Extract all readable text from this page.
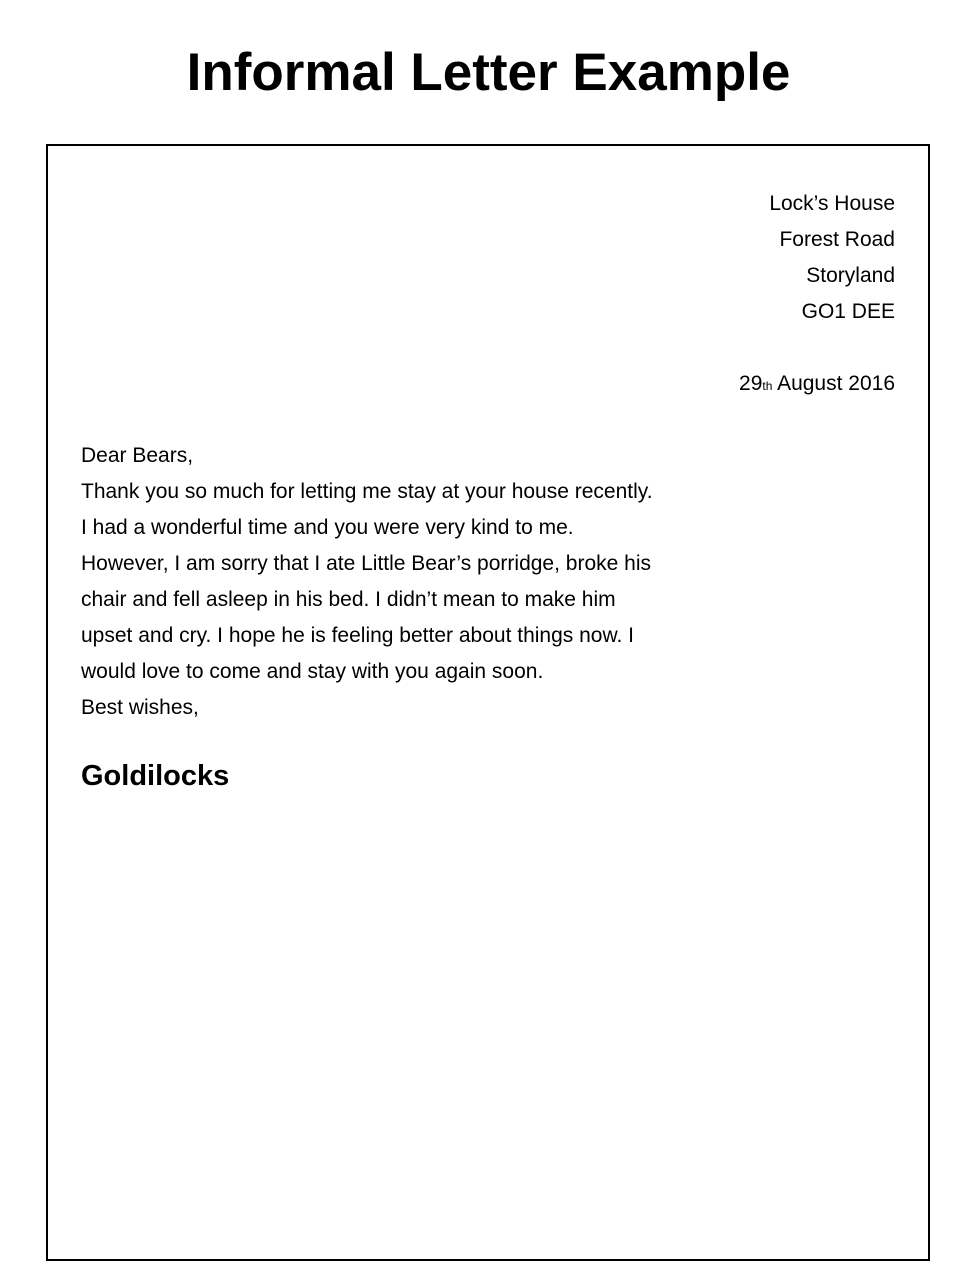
Informal Letter Example
Lock’s House
Forest Road
Storyland
GO1 DEE
29th August 2016
Dear Bears,
Thank you so much for letting me stay at your house recently.
I had a wonderful time and you were very kind to me.
However, I am sorry that I ate Little Bear’s porridge, broke his
chair and fell asleep in his bed. I didn’t mean to make him
upset and cry. I hope he is feeling better about things now. I
would love to come and stay with you again soon.
Best wishes,
Goldilocks
